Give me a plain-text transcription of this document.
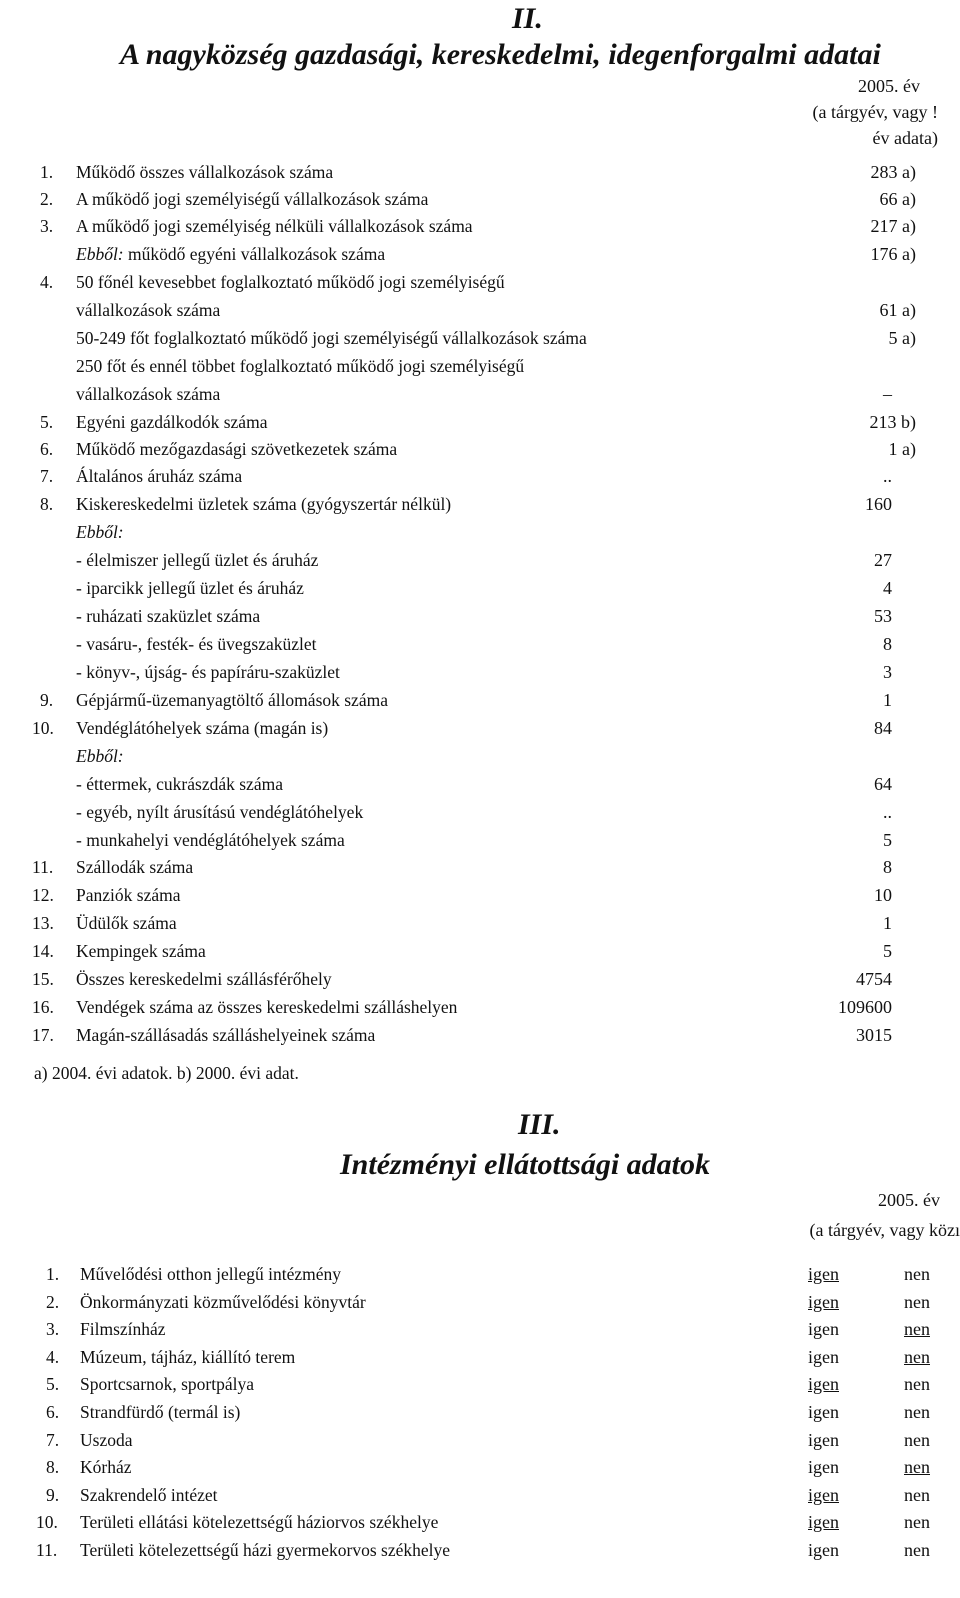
II.
A nagyközség gazdasági, kereskedelmi, idegenforgalmi adatai
2005. év
(a tárgyév, vagy !
év adata)
1. Működő összes vállalkozások száma	283 a)
2. A működő jogi személyiségű vállalkozások száma	66 a)
3. A működő jogi személyiség nélküli vállalkozások száma	217 a)
Ebből: működő egyéni vállalkozások száma	176 a)
4. 50 főnél kevesebbet foglalkoztató működő jogi személyiségű
vállalkozások száma	61 a)
50-249 főt foglalkoztató működő jogi személyiségű vállalkozások száma	5 a)
250 főt és ennél többet foglalkoztató működő jogi személyiségű
vállalkozások száma	–
5. Egyéni gazdálkodók száma	213 b)
6. Működő mezőgazdasági szövetkezetek száma	1 a)
7. Általános áruház száma	..
8. Kiskereskedelmi üzletek száma (gyógyszertár nélkül)	160
Ebből:
- élelmiszer jellegű üzlet és áruház	27
- iparcikk jellegű üzlet és áruház	4
- ruházati szaküzlet száma	53
- vasáru-, festék- és üvegszaküzlet	8
- könyv-, újság- és papíráru-szaküzlet	3
9. Gépjármű-üzemanyagtöltő állomások száma	1
10. Vendéglátóhelyek száma (magán is)	84
Ebből:
- éttermek, cukrászdák száma	64
- egyéb, nyílt árusítású vendéglátóhelyek	..
- munkahelyi vendéglátóhelyek száma	5
11. Szállodák száma	8
12. Panziók száma	10
13. Üdülők száma	1
14. Kempingek száma	5
15. Összes kereskedelmi szállásférőhely	4754
16. Vendégek száma az összes kereskedelmi szálláshelyen	109600
17. Magán-szállásadás szálláshelyeinek száma	3015
a) 2004. évi adatok. b) 2000. évi adat.
III.
Intézményi ellátottsági adatok
2005. év
(a tárgyév, vagy közı
1. Művelődési otthon jellegű intézmény	igen	nen
2. Önkormányzati közművelődési könyvtár	igen	nen
3. Filmszínház	igen	nen
4. Múzeum, tájház, kiállító terem	igen	nen
5. Sportcsarnok, sportpálya	igen	nen
6. Strandfürdő (termál is)	igen	nen
7. Uszoda	igen	nen
8. Kórház	igen	nen
9. Szakrendelő intézet	igen	nen
10. Területi ellátási kötelezettségű háziorvos székhelye	igen	nen
11. Területi kötelezettségű házi gyermekorvos székhelye	igen	nen
